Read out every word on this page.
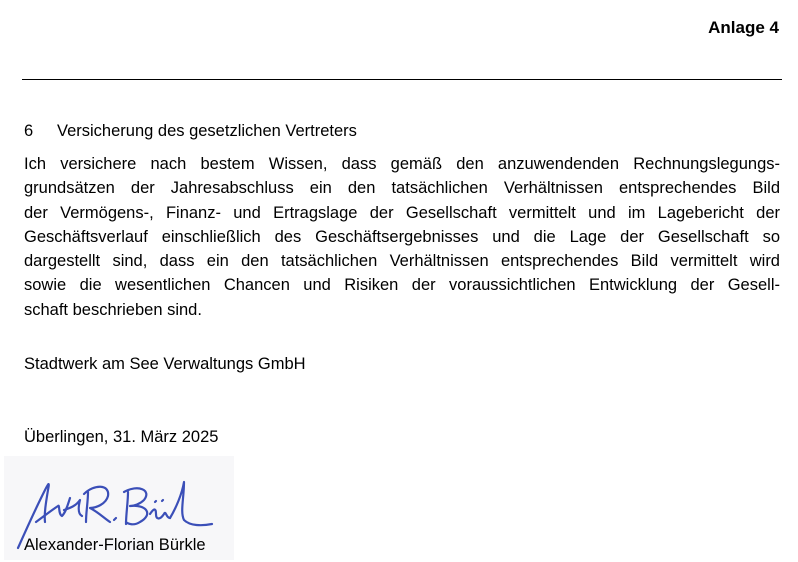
Anlage 4
6	Versicherung des gesetzlichen Vertreters
Ich versichere nach bestem Wissen, dass gemäß den anzuwendenden Rechnungslegungs-
grundsätzen der Jahresabschluss ein den tatsächlichen Verhältnissen entsprechendes Bild
der Vermögens-, Finanz- und Ertragslage der Gesellschaft vermittelt und im Lagebericht der
Geschäftsverlauf einschließlich des Geschäftsergebnisses und die Lage der Gesellschaft so
dargestellt sind, dass ein den tatsächlichen Verhältnissen entsprechendes Bild vermittelt wird
sowie die wesentlichen Chancen und Risiken der voraussichtlichen Entwicklung der Gesell-
schaft beschrieben sind.
Stadtwerk am See Verwaltungs GmbH
Überlingen, 31. März 2025
Alexander-Florian Bürkle
